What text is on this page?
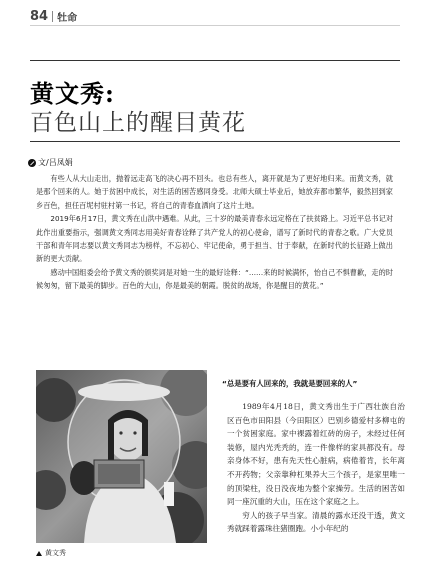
84 牡命
黄文秀:
百色山上的醒目黄花
文/吕凤娟

有些人从大山走出，抛着远走高飞的决心再不回头。也总有些人，离开就是为了更好地归来。而黄文秀，就是那个回来的人。她于贫困中成长，对生活的困苦感同身受。北师大硕士毕业后，她放弃都市繁华，毅然回到家乡百色，担任百坭村驻村第一书记，将自己的青春血洒向了这片土地。

2019年6月17日，黄文秀在山洪中遇难。从此，三十岁的最美青春永远定格在了扶贫路上。习近平总书记对此作出重要指示，强调黄文秀同志用美好青春诠释了共产党人的初心使命，谱写了新时代的青春之歌。广大党员干部和青年同志要以黄文秀同志为榜样，不忘初心、牢记使命，勇于担当、甘于奉献，在新时代的长征路上做出新的更大贡献。

感动中国组委会给予黄文秀的颁奖词是对她一生的最好诠释：“……来的时候满怀，怡自己不惧曹歉，走的时候匆匆，留下最美的脚步。百色的大山，你是最美的朝霞。脱贫的战场，你是醒目的黄花。”

黄文秀
“总是要有人回来的，我就是要回来的人”

1989年4月18日，黄文秀出生于广西壮族自治区百色市田阳县（今田阳区）巴别乡德爱村多柳屯的一个贫困家庭。家中裸露着红砖的房子，未经过任何装修，屋内光秃秃的，连一件像样的家具都没有。母亲身体不好，患有先天性心脏病，病倦着肯，长年离不开药物；父亲靠种杠果养大三个孩子，是家里唯一的顶梁柱，没日没夜地为整个家操劳。生活的困苦如同一座沉重的大山，压在这个家庭之上。

穷人的孩子早当家。清晨的露水还没干透，黄文秀就踩着露珠往猪圈跑。小小年纪的
